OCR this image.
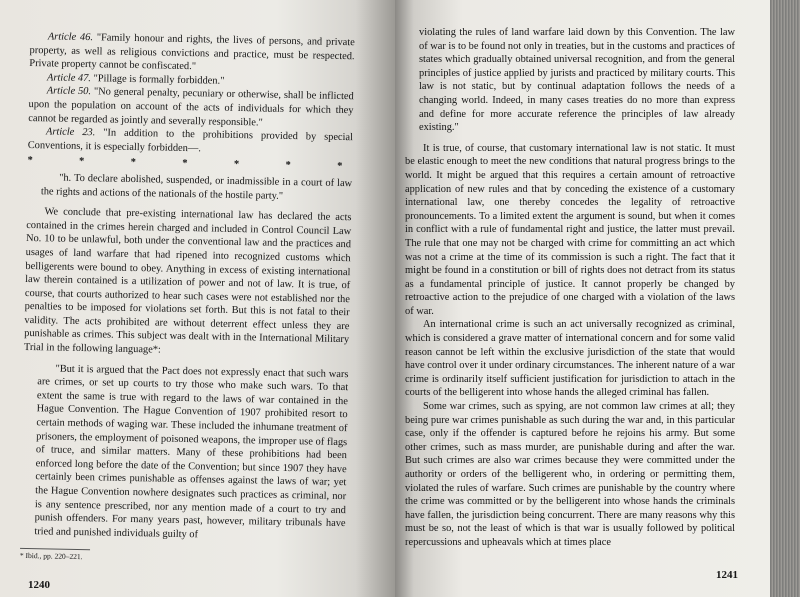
Article 46. "Family honour and rights, the lives of persons, and private property, as well as religious convictions and practice, must be respected. Private property cannot be confiscated."

Article 47. "Pillage is formally forbidden."

Article 50. "No general penalty, pecuniary or otherwise, shall be inflicted upon the population on account of the acts of individuals for which they cannot be regarded as jointly and severally responsible."

Article 23. "In addition to the prohibitions provided by special Conventions, it is especially forbidden—.

*	*	*	*	*	*	*

"h. To declare abolished, suspended, or inadmissible in a court of law the rights and actions of the nationals of the hostile party."

We conclude that pre-existing international law has declared the acts contained in the crimes herein charged and included in Control Council Law No. 10 to be unlawful, both under the conventional law and the practices and usages of land warfare that had ripened into recognized customs which belligerents were bound to obey. Anything in excess of existing international law therein contained is a utilization of power and not of law. It is true, of course, that courts authorized to hear such cases were not established nor the penalties to be imposed for violations set forth. But this is not fatal to their validity. The acts prohibited are without deterrent effect unless they are punishable as crimes. This subject was dealt with in the International Military Trial in the following language*:

"But it is argued that the Pact does not expressly enact that such wars are crimes, or set up courts to try those who make such wars. To that extent the same is true with regard to the laws of war contained in the Hague Convention. The Hague Convention of 1907 prohibited resort to certain methods of waging war. These included the inhumane treatment of prisoners, the employment of poisoned weapons, the improper use of flags of truce, and similar matters. Many of these prohibitions had been enforced long before the date of the Convention; but since 1907 they have certainly been crimes punishable as offenses against the laws of war; yet the Hague Convention nowhere designates such practices as criminal, nor is any sentence prescribed, nor any mention made of a court to try and punish offenders. For many years past, however, military tribunals have tried and punished individuals guilty of

* Ibid., pp. 220–221.

1240

violating the rules of land warfare laid down by this Convention. The law of war is to be found not only in treaties, but in the customs and practices of states which gradually obtained universal recognition, and from the general principles of justice applied by jurists and practiced by military courts. This law is not static, but by continual adaptation follows the needs of a changing world. Indeed, in many cases treaties do no more than express and define for more accurate reference the principles of law already existing."

It is true, of course, that customary international law is not static. It must be elastic enough to meet the new conditions that natural progress brings to the world. It might be argued that this requires a certain amount of retroactive application of new rules and that by conceding the existence of a customary international law, one thereby concedes the legality of retroactive pronouncements. To a limited extent the argument is sound, but when it comes in conflict with a rule of fundamental right and justice, the latter must prevail. The rule that one may not be charged with crime for committing an act which was not a crime at the time of its commission is such a right. The fact that it might be found in a constitution or bill of rights does not detract from its status as a fundamental principle of justice. It cannot properly be changed by retroactive action to the prejudice of one charged with a violation of the laws of war.

An international crime is such an act universally recognized as criminal, which is considered a grave matter of international concern and for some valid reason cannot be left within the exclusive jurisdiction of the state that would have control over it under ordinary circumstances. The inherent nature of a war crime is ordinarily itself sufficient justification for jurisdiction to attach in the courts of the belligerent into whose hands the alleged criminal has fallen.

Some war crimes, such as spying, are not common law crimes at all; they being pure war crimes punishable as such during the war and, in this particular case, only if the offender is captured before he rejoins his army. But some other crimes, such as mass murder, are punishable during and after the war. But such crimes are also war crimes because they were committed under the authority or orders of the belligerent who, in ordering or permitting them, violated the rules of warfare. Such crimes are punishable by the country where the crime was committed or by the belligerent into whose hands the criminals have fallen, the jurisdiction being concurrent. There are many reasons why this must be so, not the least of which is that war is usually followed by political repercussions and upheavals which at times place

1241
